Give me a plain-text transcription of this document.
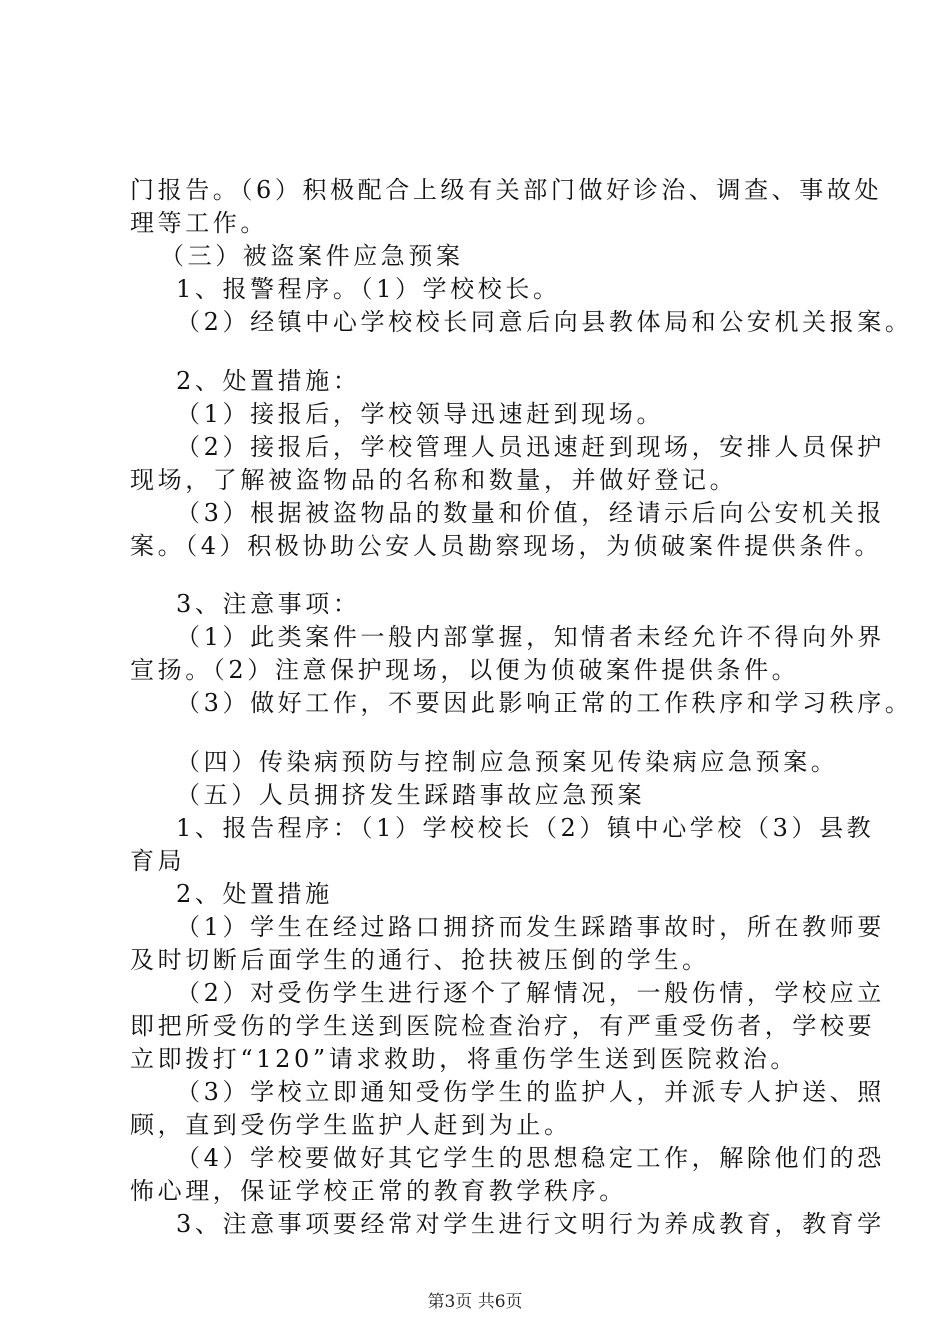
门报告。（6）积极配合上级有关部门做好诊治、调查、事故处
理等工作。
（三）被盗案件应急预案
1、报警程序。（1）学校校长。
（2）经镇中心学校校长同意后向县教体局和公安机关报案。
2、处置措施：
（1）接报后，学校领导迅速赶到现场。
（2）接报后，学校管理人员迅速赶到现场，安排人员保护
现场，了解被盗物品的名称和数量，并做好登记。
（3）根据被盗物品的数量和价值，经请示后向公安机关报
案。（4）积极协助公安人员勘察现场，为侦破案件提供条件。
3、注意事项：
（1）此类案件一般内部掌握，知情者未经允许不得向外界
宣扬。（2）注意保护现场，以便为侦破案件提供条件。
（3）做好工作，不要因此影响正常的工作秩序和学习秩序。
（四）传染病预防与控制应急预案见传染病应急预案。
（五）人员拥挤发生踩踏事故应急预案
1、报告程序：（1）学校校长（2）镇中心学校（3）县教
育局
2、处置措施
（1）学生在经过路口拥挤而发生踩踏事故时，所在教师要
及时切断后面学生的通行、抢扶被压倒的学生。
（2）对受伤学生进行逐个了解情况，一般伤情，学校应立
即把所受伤的学生送到医院检查治疗，有严重受伤者，学校要
立即拨打“120”请求救助，将重伤学生送到医院救治。
（3）学校立即通知受伤学生的监护人，并派专人护送、照
顾，直到受伤学生监护人赶到为止。
（4）学校要做好其它学生的思想稳定工作，解除他们的恐
怖心理，保证学校正常的教育教学秩序。
3、注意事项要经常对学生进行文明行为养成教育，教育学
第3页 共6页
